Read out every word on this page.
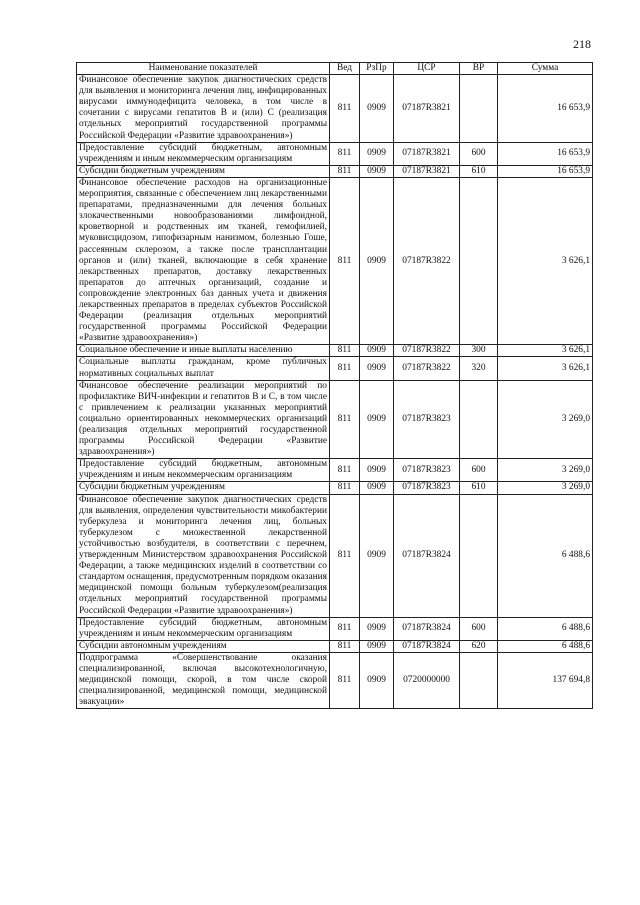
218
Наименование показателей	Вед	РзПр	ЦСР	ВР	Сумма
Финансовое обеспечение закупок диагностических средств для выявления и мониторинга лечения лиц, инфицированных вирусами иммунодефицита человека, в том числе в сочетании с вирусами гепатитов В и (или) С (реализация отдельных мероприятий государственной программы Российской Федерации «Развитие здравоохранения»)	811	0909	07187R3821		16 653,9
Предоставление субсидий бюджетным, автономным учреждениям и иным некоммерческим организациям	811	0909	07187R3821	600	16 653,9
Субсидии бюджетным учреждениям	811	0909	07187R3821	610	16 653,9
Финансовое обеспечение расходов на организационные мероприятия, связанные с обеспечением лиц лекарственными препаратами, предназначенными для лечения больных злокачественными новообразованиями лимфоидной, кроветворной и родственных им тканей, гемофилией, муковисцидозом, гипофизарным нанизмом, болезнью Гоше, рассеянным склерозом, а также после трансплантации органов и (или) тканей, включающие в себя хранение лекарственных препаратов, доставку лекарственных препаратов до аптечных организаций, создание и сопровождение электронных баз данных учета и движения лекарственных препаратов в пределах субъектов Российской Федерации (реализация отдельных мероприятий государственной программы Российской Федерации «Развитие здравоохранения»)	811	0909	07187R3822		3 626,1
Социальное обеспечение и иные выплаты населению	811	0909	07187R3822	300	3 626,1
Социальные выплаты гражданам, кроме публичных нормативных социальных выплат	811	0909	07187R3822	320	3 626,1
Финансовое обеспечение реализации мероприятий по профилактике ВИЧ-инфекции и гепатитов В и С, в том числе с привлечением к реализации указанных мероприятий социально ориентированных некоммерческих организаций (реализация отдельных мероприятий государственной программы Российской Федерации «Развитие здравоохранения»)	811	0909	07187R3823		3 269,0
Предоставление субсидий бюджетным, автономным учреждениям и иным некоммерческим организациям	811	0909	07187R3823	600	3 269,0
Субсидии бюджетным учреждениям	811	0909	07187R3823	610	3 269,0
Финансовое обеспечение закупок диагностических средств для выявления, определения чувствительности микобактерии туберкулеза и мониторинга лечения лиц, больных туберкулезом с множественной лекарственной устойчивостью возбудителя, в соответствии с перечнем, утвержденным Министерством здравоохранения Российской Федерации, а также медицинских изделий в соответствии со стандартом оснащения, предусмотренным порядком оказания медицинской помощи больным туберкулезом(реализация отдельных мероприятий государственной программы Российской Федерации «Развитие здравоохранения»)	811	0909	07187R3824		6 488,6
Предоставление субсидий бюджетным, автономным учреждениям и иным некоммерческим организациям	811	0909	07187R3824	600	6 488,6
Субсидии автономным учреждениям	811	0909	07187R3824	620	6 488,6
Подпрограмма «Совершенствование оказания специализированной, включая высокотехнологичную, медицинской помощи, скорой, в том числе скорой специализированной, медицинской помощи, медицинской эвакуации»	811	0909	0720000000		137 694,8
